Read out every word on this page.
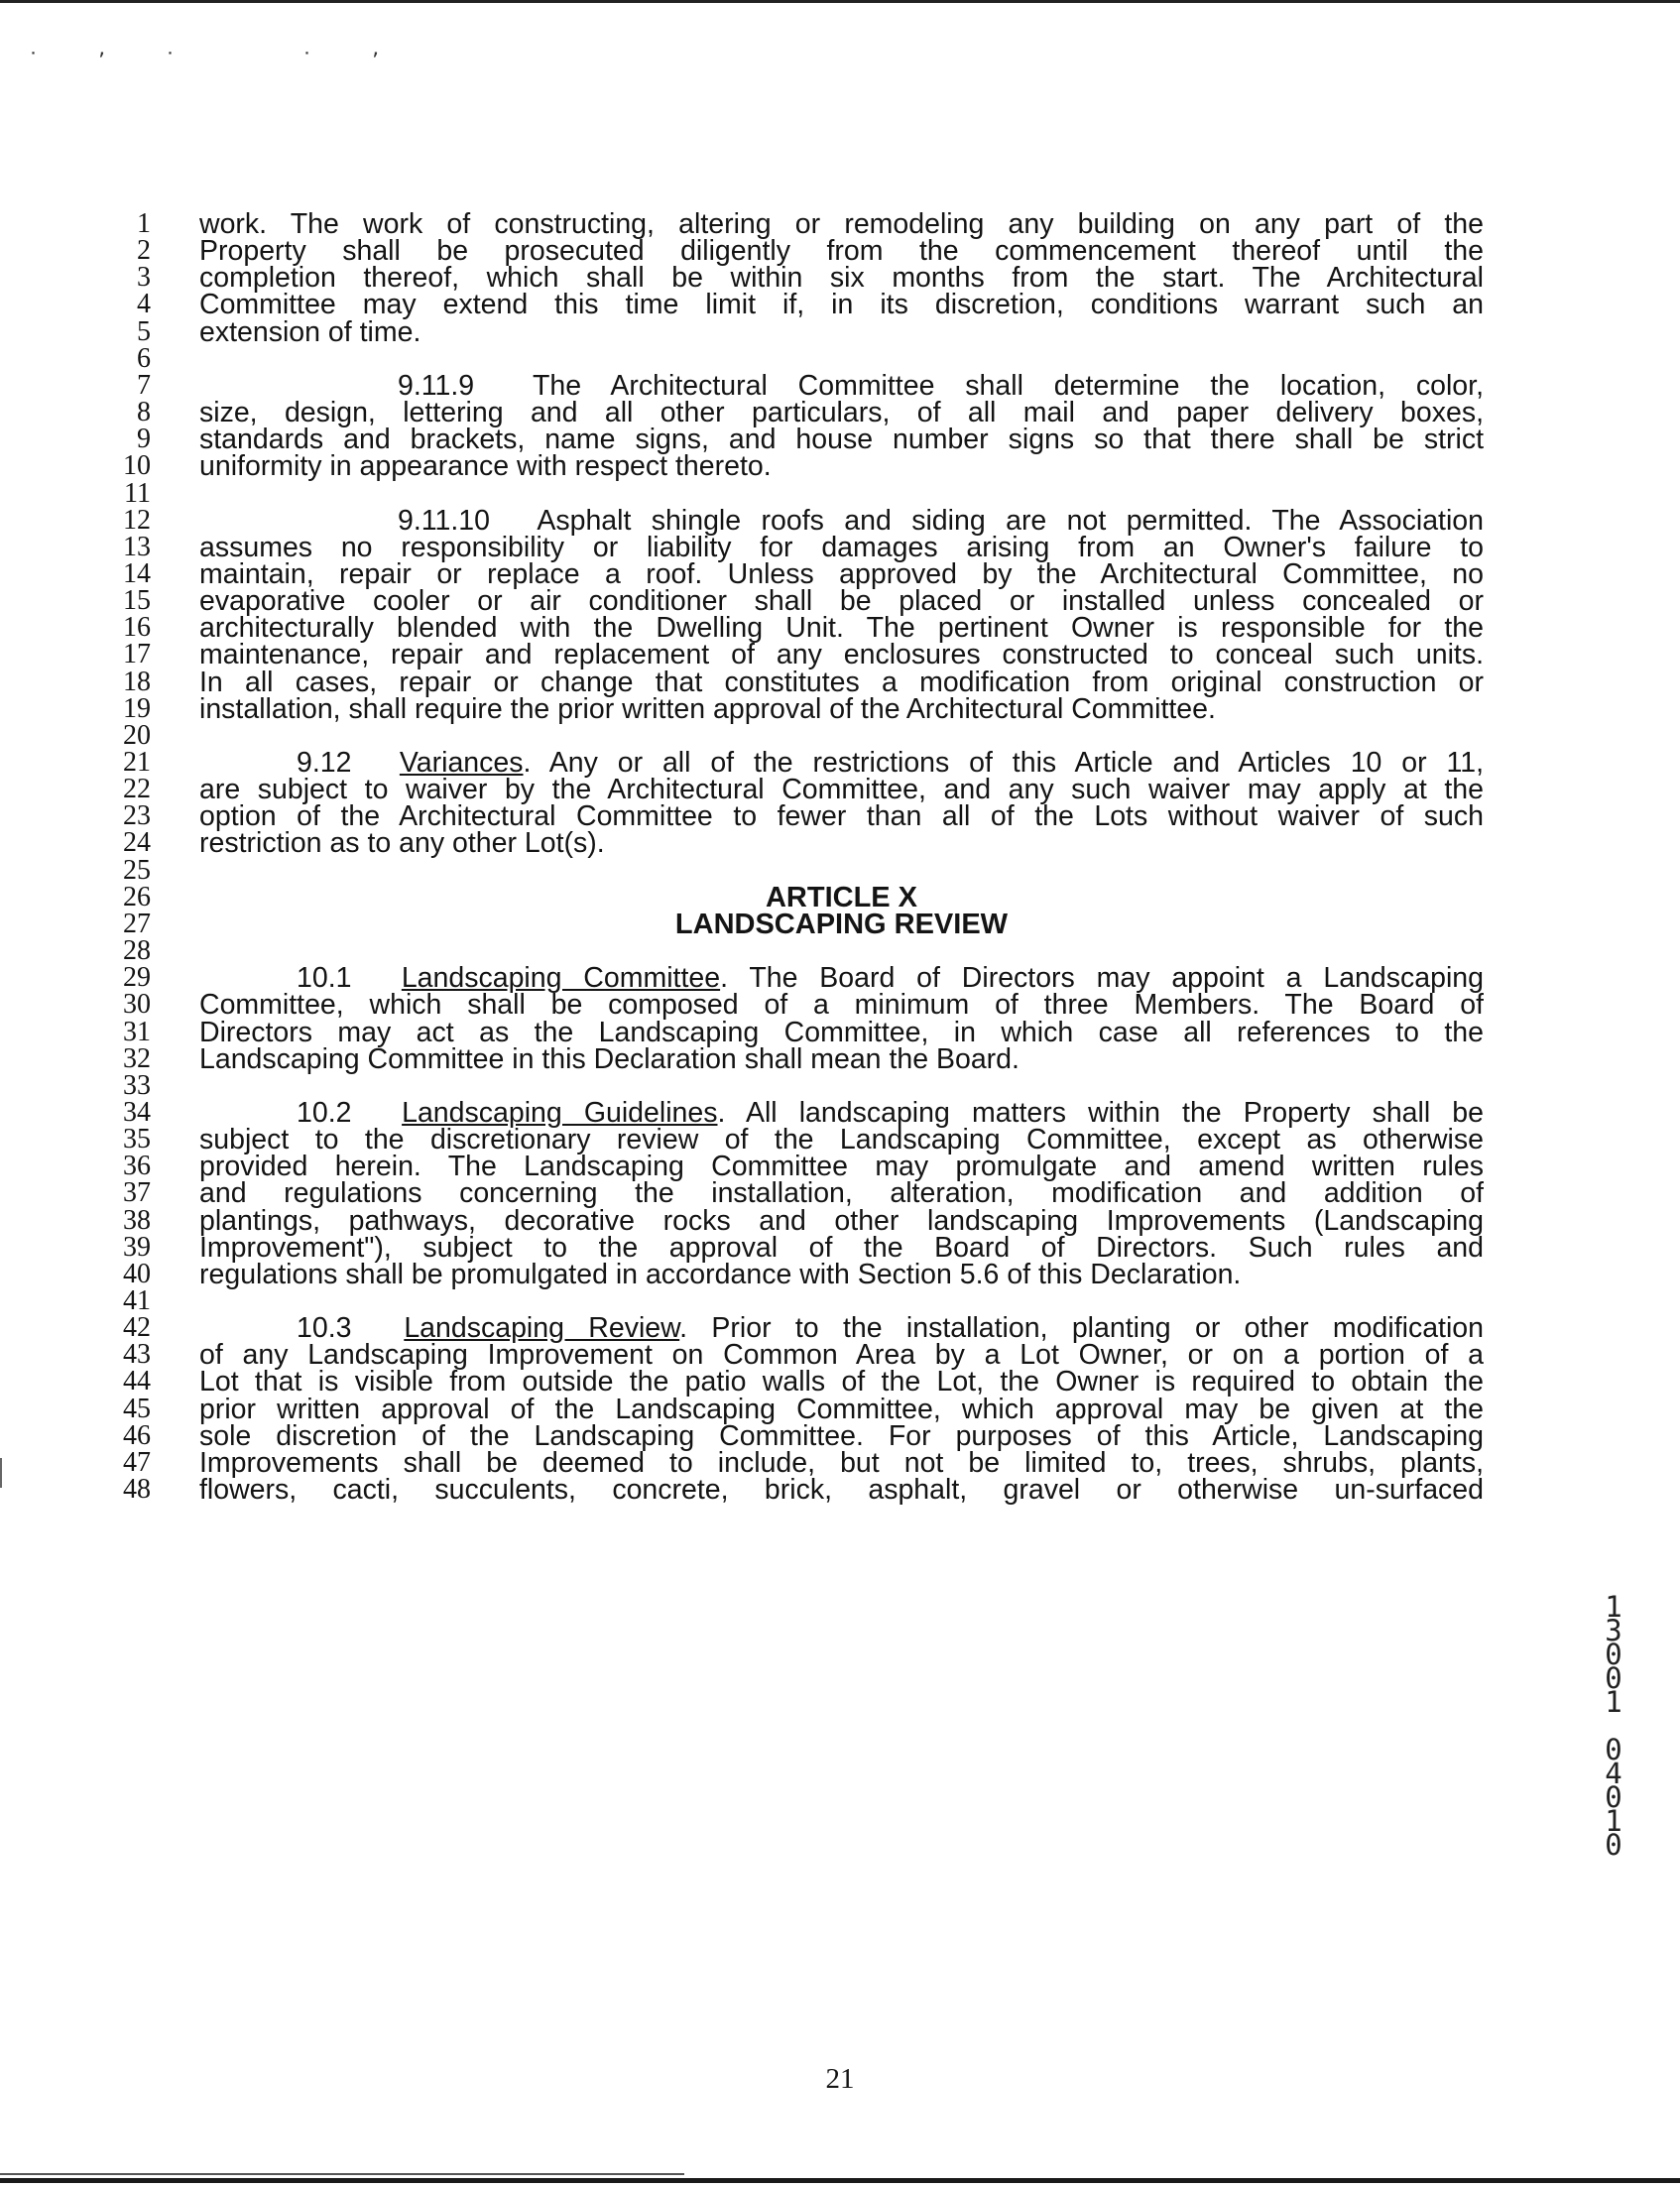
˙’˙ ˙’
1 work. The work of constructing, altering or remodeling any building on any part of the
2 Property shall be prosecuted diligently from the commencement thereof until the
3 completion thereof, which shall be within six months from the start. The Architectural
4 Committee may extend this time limit if, in its discretion, conditions warrant such an
5 extension of time.
6
7	9.11.9  The Architectural Committee shall determine the location, color,
8 size, design, lettering and all other particulars, of all mail and paper delivery boxes,
9 standards and brackets, name signs, and house number signs so that there shall be strict
10 uniformity in appearance with respect thereto.
11
12	9.11.10  Asphalt shingle roofs and siding are not permitted. The Association
13 assumes no responsibility or liability for damages arising from an Owner's failure to
14 maintain, repair or replace a roof. Unless approved by the Architectural Committee, no
15 evaporative cooler or air conditioner shall be placed or installed unless concealed or
16 architecturally blended with the Dwelling Unit. The pertinent Owner is responsible for the
17 maintenance, repair and replacement of any enclosures constructed to conceal such units.
18 In all cases, repair or change that constitutes a modification from original construction or
19 installation, shall require the prior written approval of the Architectural Committee.
20
21	9.12  Variances. Any or all of the restrictions of this Article and Articles 10 or 11,
22 are subject to waiver by the Architectural Committee, and any such waiver may apply at the
23 option of the Architectural Committee to fewer than all of the Lots without waiver of such
24 restriction as to any other Lot(s).
25
26	ARTICLE X
27	LANDSCAPING REVIEW
28
29	10.1  Landscaping Committee. The Board of Directors may appoint a Landscaping
30 Committee, which shall be composed of a minimum of three Members. The Board of
31 Directors may act as the Landscaping Committee, in which case all references to the
32 Landscaping Committee in this Declaration shall mean the Board.
33
34	10.2  Landscaping Guidelines. All landscaping matters within the Property shall be
35 subject to the discretionary review of the Landscaping Committee, except as otherwise
36 provided herein. The Landscaping Committee may promulgate and amend written rules
37 and regulations concerning the installation, alteration, modification and addition of
38 plantings, pathways, decorative rocks and other landscaping Improvements (Landscaping
39 Improvement"), subject to the approval of the Board of Directors. Such rules and
40 regulations shall be promulgated in accordance with Section 5.6 of this Declaration.
41
42	10.3  Landscaping Review. Prior to the installation, planting or other modification
43 of any Landscaping Improvement on Common Area by a Lot Owner, or on a portion of a
44 Lot that is visible from outside the patio walls of the Lot, the Owner is required to obtain the
45 prior written approval of the Landscaping Committee, which approval may be given at the
46 sole discretion of the Landscaping Committee. For purposes of this Article, Landscaping
47 Improvements shall be deemed to include, but not be limited to, trees, shrubs, plants,
48 flowers, cacti, succulents, concrete, brick, asphalt, gravel or otherwise un-surfaced
21
1
3
0
0
1
0
4
0
1
0
